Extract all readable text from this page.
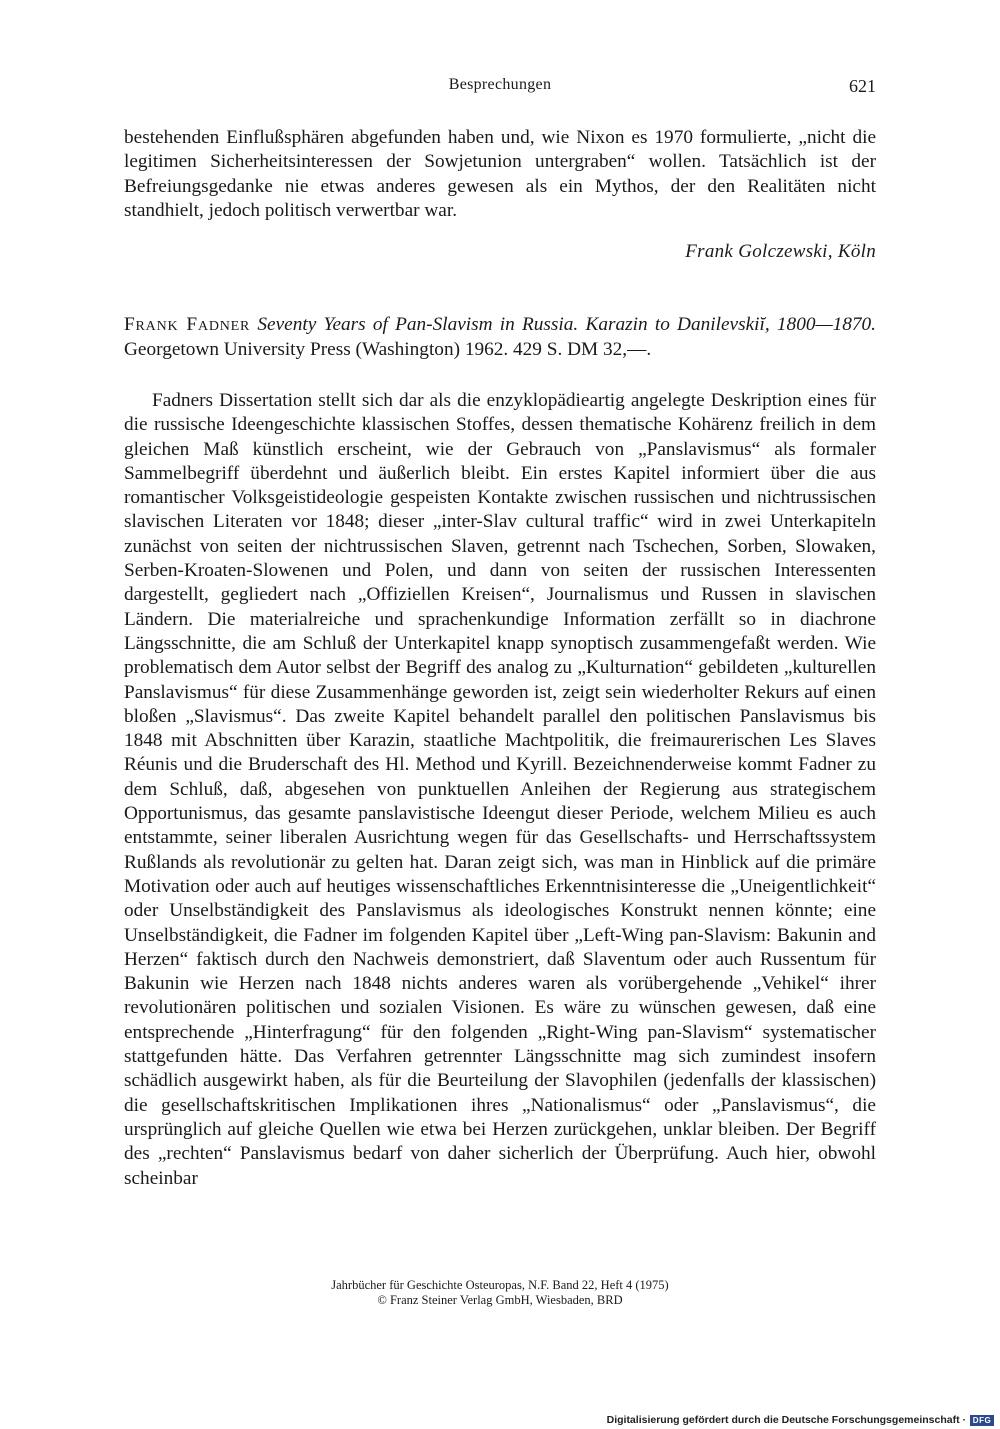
Besprechungen	621

bestehenden Einflußsphären abgefunden haben und, wie Nixon es 1970 formulierte, „nicht die legitimen Sicherheitsinteressen der Sowjetunion untergraben“ wollen. Tatsächlich ist der Befreiungsgedanke nie etwas anderes gewesen als ein Mythos, der den Realitäten nicht standhielt, jedoch politisch verwertbar war.

Frank Golczewski, Köln
Frank Fadner Seventy Years of Pan-Slavism in Russia. Karazin to Danilevskiĭ, 1800—1870. Georgetown University Press (Washington) 1962. 429 S. DM 32,—.

Fadners Dissertation stellt sich dar als die enzyklopädieartig angelegte Deskription eines für die russische Ideengeschichte klassischen Stoffes, dessen thematische Kohärenz freilich in dem gleichen Maß künstlich erscheint, wie der Gebrauch von „Panslavismus“ als formaler Sammelbegriff überdehnt und äußerlich bleibt. Ein erstes Kapitel informiert über die aus romantischer Volksgeistideologie gespeisten Kontakte zwischen russischen und nichtrussischen slavischen Literaten vor 1848; dieser „inter-Slav cultural traffic“ wird in zwei Unterkapiteln zunächst von seiten der nichtrussischen Slaven, getrennt nach Tschechen, Sorben, Slowaken, Serben-Kroaten-Slowenen und Polen, und dann von seiten der russischen Interessenten dargestellt, gegliedert nach „Offiziellen Kreisen“, Journalismus und Russen in slavischen Ländern. Die materialreiche und sprachenkundige Information zerfällt so in diachrone Längsschnitte, die am Schluß der Unterkapitel knapp synoptisch zusammengefaßt werden. Wie problematisch dem Autor selbst der Begriff des analog zu „Kulturnation“ gebildeten „kulturellen Panslavismus“ für diese Zusammenhänge geworden ist, zeigt sein wiederholter Rekurs auf einen bloßen „Slavismus“. Das zweite Kapitel behandelt parallel den politischen Panslavismus bis 1848 mit Abschnitten über Karazin, staatliche Machtpolitik, die freimaurerischen Les Slaves Réunis und die Bruderschaft des Hl. Method und Kyrill. Bezeichnenderweise kommt Fadner zu dem Schluß, daß, abgesehen von punktuellen Anleihen der Regierung aus strategischem Opportunismus, das gesamte panslavistische Ideengut dieser Periode, welchem Milieu es auch entstammte, seiner liberalen Ausrichtung wegen für das Gesellschafts- und Herrschaftssystem Rußlands als revolutionär zu gelten hat. Daran zeigt sich, was man in Hinblick auf die primäre Motivation oder auch auf heutiges wissenschaftliches Erkenntnisinteresse die „Uneigentlichkeit“ oder Unselbständigkeit des Panslavismus als ideologisches Konstrukt nennen könnte; eine Unselbständigkeit, die Fadner im folgenden Kapitel über „Left-Wing pan-Slavism: Bakunin and Herzen“ faktisch durch den Nachweis demonstriert, daß Slaventum oder auch Russentum für Bakunin wie Herzen nach 1848 nichts anderes waren als vorübergehende „Vehikel“ ihrer revolutionären politischen und sozialen Visionen. Es wäre zu wünschen gewesen, daß eine entsprechende „Hinterfragung“ für den folgenden „Right-Wing pan-Slavism“ systematischer stattgefunden hätte. Das Verfahren getrennter Längsschnitte mag sich zumindest insofern schädlich ausgewirkt haben, als für die Beurteilung der Slavophilen (jedenfalls der klassischen) die gesellschaftskritischen Implikationen ihres „Nationalismus“ oder „Panslavismus“, die ursprünglich auf gleiche Quellen wie etwa bei Herzen zurückgehen, unklar bleiben. Der Begriff des „rechten“ Panslavismus bedarf von daher sicherlich der Überprüfung. Auch hier, obwohl scheinbar

Jahrbücher für Geschichte Osteuropas, N.F. Band 22, Heft 4 (1975)
© Franz Steiner Verlag GmbH, Wiesbaden, BRD
Digitalisierung gefördert durch die Deutsche Forschungsgemeinschaft · DFG
